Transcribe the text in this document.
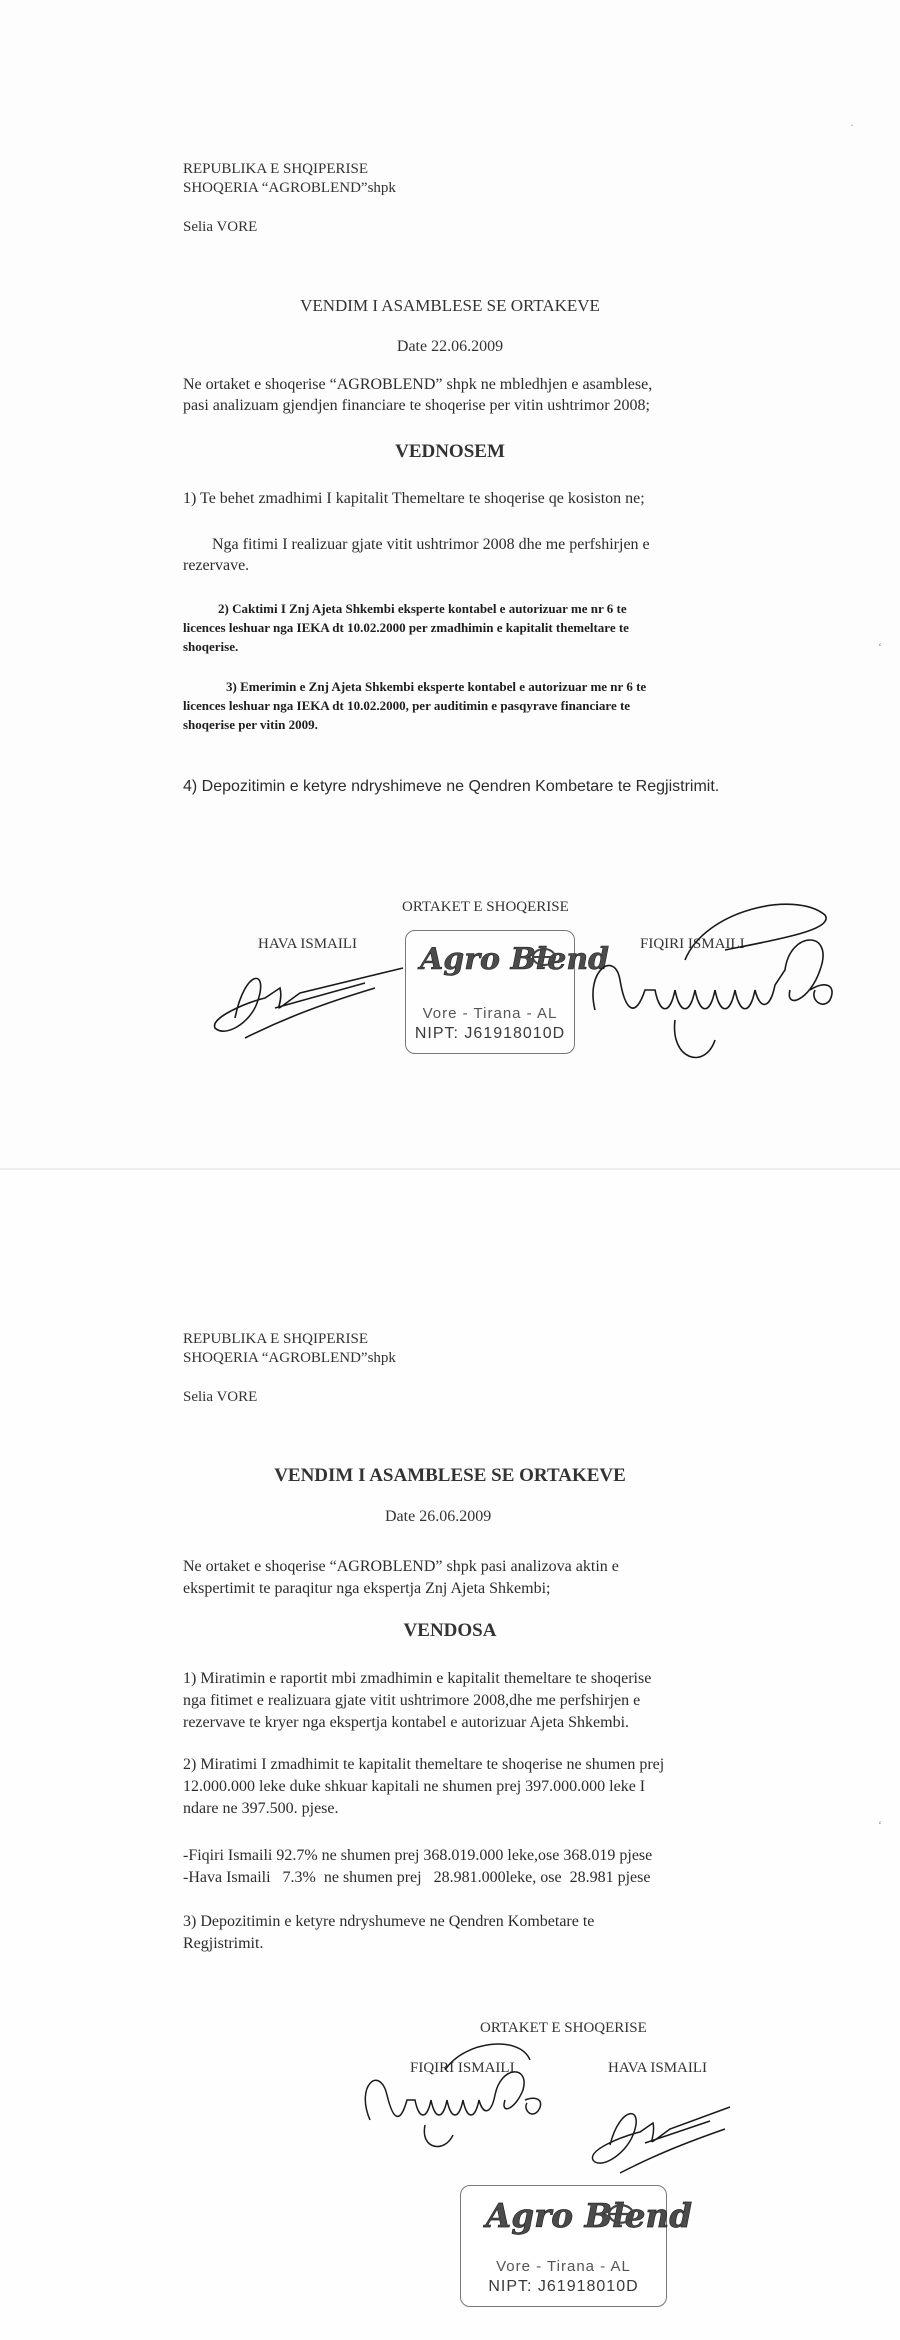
·
ʻ
REPUBLIKA E SHQIPERISE
SHOQERIA “AGROBLEND”shpk
Selia VORE
VENDIM I ASAMBLESE SE ORTAKEVE
Date 22.06.2009
Ne ortaket e shoqerise “AGROBLEND” shpk ne mbledhjen e asamblese,
pasi analizuam gjendjen financiare te shoqerise per vitin ushtrimor 2008;
VEDNOSEM
1) Te behet zmadhimi I kapitalit Themeltare te shoqerise qe kosiston ne;
Nga fitimi I realizuar gjate vitit ushtrimor 2008 dhe me perfshirjen e
rezervave.
2) Caktimi I Znj Ajeta Shkembi eksperte kontabel e autorizuar me nr 6 te
licences leshuar nga IEKA dt 10.02.2000 per zmadhimin e kapitalit themeltare te
shoqerise.
3) Emerimin e Znj Ajeta Shkembi eksperte kontabel e autorizuar me nr 6 te
licences leshuar nga IEKA dt 10.02.2000, per auditimin e pasqyrave financiare te
shoqerise per vitin 2009.
4) Depozitimin e ketyre ndryshimeve ne Qendren Kombetare te Regjistrimit.
ORTAKET E SHOQERISE
HAVA ISMAILI	FIQIRI ISMAILI
Agro Blend
Vore - Tirana - AL
NIPT: J61918010D
ʻ
REPUBLIKA E SHQIPERISE
SHOQERIA “AGROBLEND”shpk
Selia VORE
VENDIM I ASAMBLESE SE ORTAKEVE
Date 26.06.2009
Ne ortaket e shoqerise “AGROBLEND” shpk pasi analizova aktin e
ekspertimit te paraqitur nga ekspertja Znj Ajeta Shkembi;
VENDOSA
1) Miratimin e raportit mbi zmadhimin e kapitalit themeltare te shoqerise
nga fitimet e realizuara gjate vitit ushtrimore 2008,dhe me perfshirjen e
rezervave te kryer nga ekspertja kontabel e autorizuar Ajeta Shkembi.
2) Miratimi I zmadhimit te kapitalit themeltare te shoqerise ne shumen prej
12.000.000 leke duke shkuar kapitali ne shumen prej 397.000.000 leke I
ndare ne 397.500. pjese.
-Fiqiri Ismaili 92.7% ne shumen prej 368.019.000 leke,ose 368.019 pjese
-Hava Ismaili   7.3%  ne shumen prej   28.981.000leke, ose  28.981 pjese
3) Depozitimin e ketyre ndryshumeve ne Qendren Kombetare te
Regjistrimit.
ORTAKET E SHOQERISE
FIQIRI ISMAILI	HAVA ISMAILI
Agro Blend
Vore - Tirana - AL
NIPT: J61918010D
